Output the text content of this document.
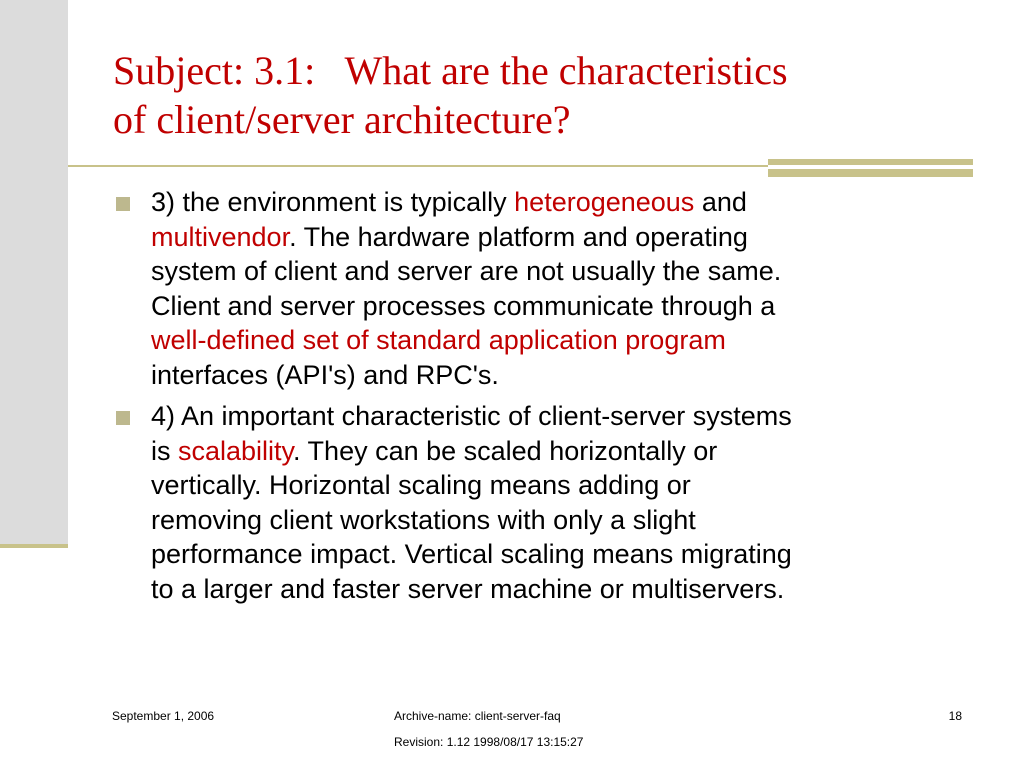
Subject: 3.1:   What are the characteristics
of client/server architecture?
3) the environment is typically heterogeneous and
multivendor. The hardware platform and operating
system of client and server are not usually the same.
Client and server processes communicate through a
well-defined set of standard application program
interfaces (API's) and RPC's.
4) An important characteristic of client-server systems
is scalability. They can be scaled horizontally or
vertically. Horizontal scaling means adding or
removing client workstations with only a slight
performance impact. Vertical scaling means migrating
to a larger and faster server machine or multiservers.
September 1, 2006	Archive-name: client-server-faq
Revision: 1.12 1998/08/17 13:15:27
18
